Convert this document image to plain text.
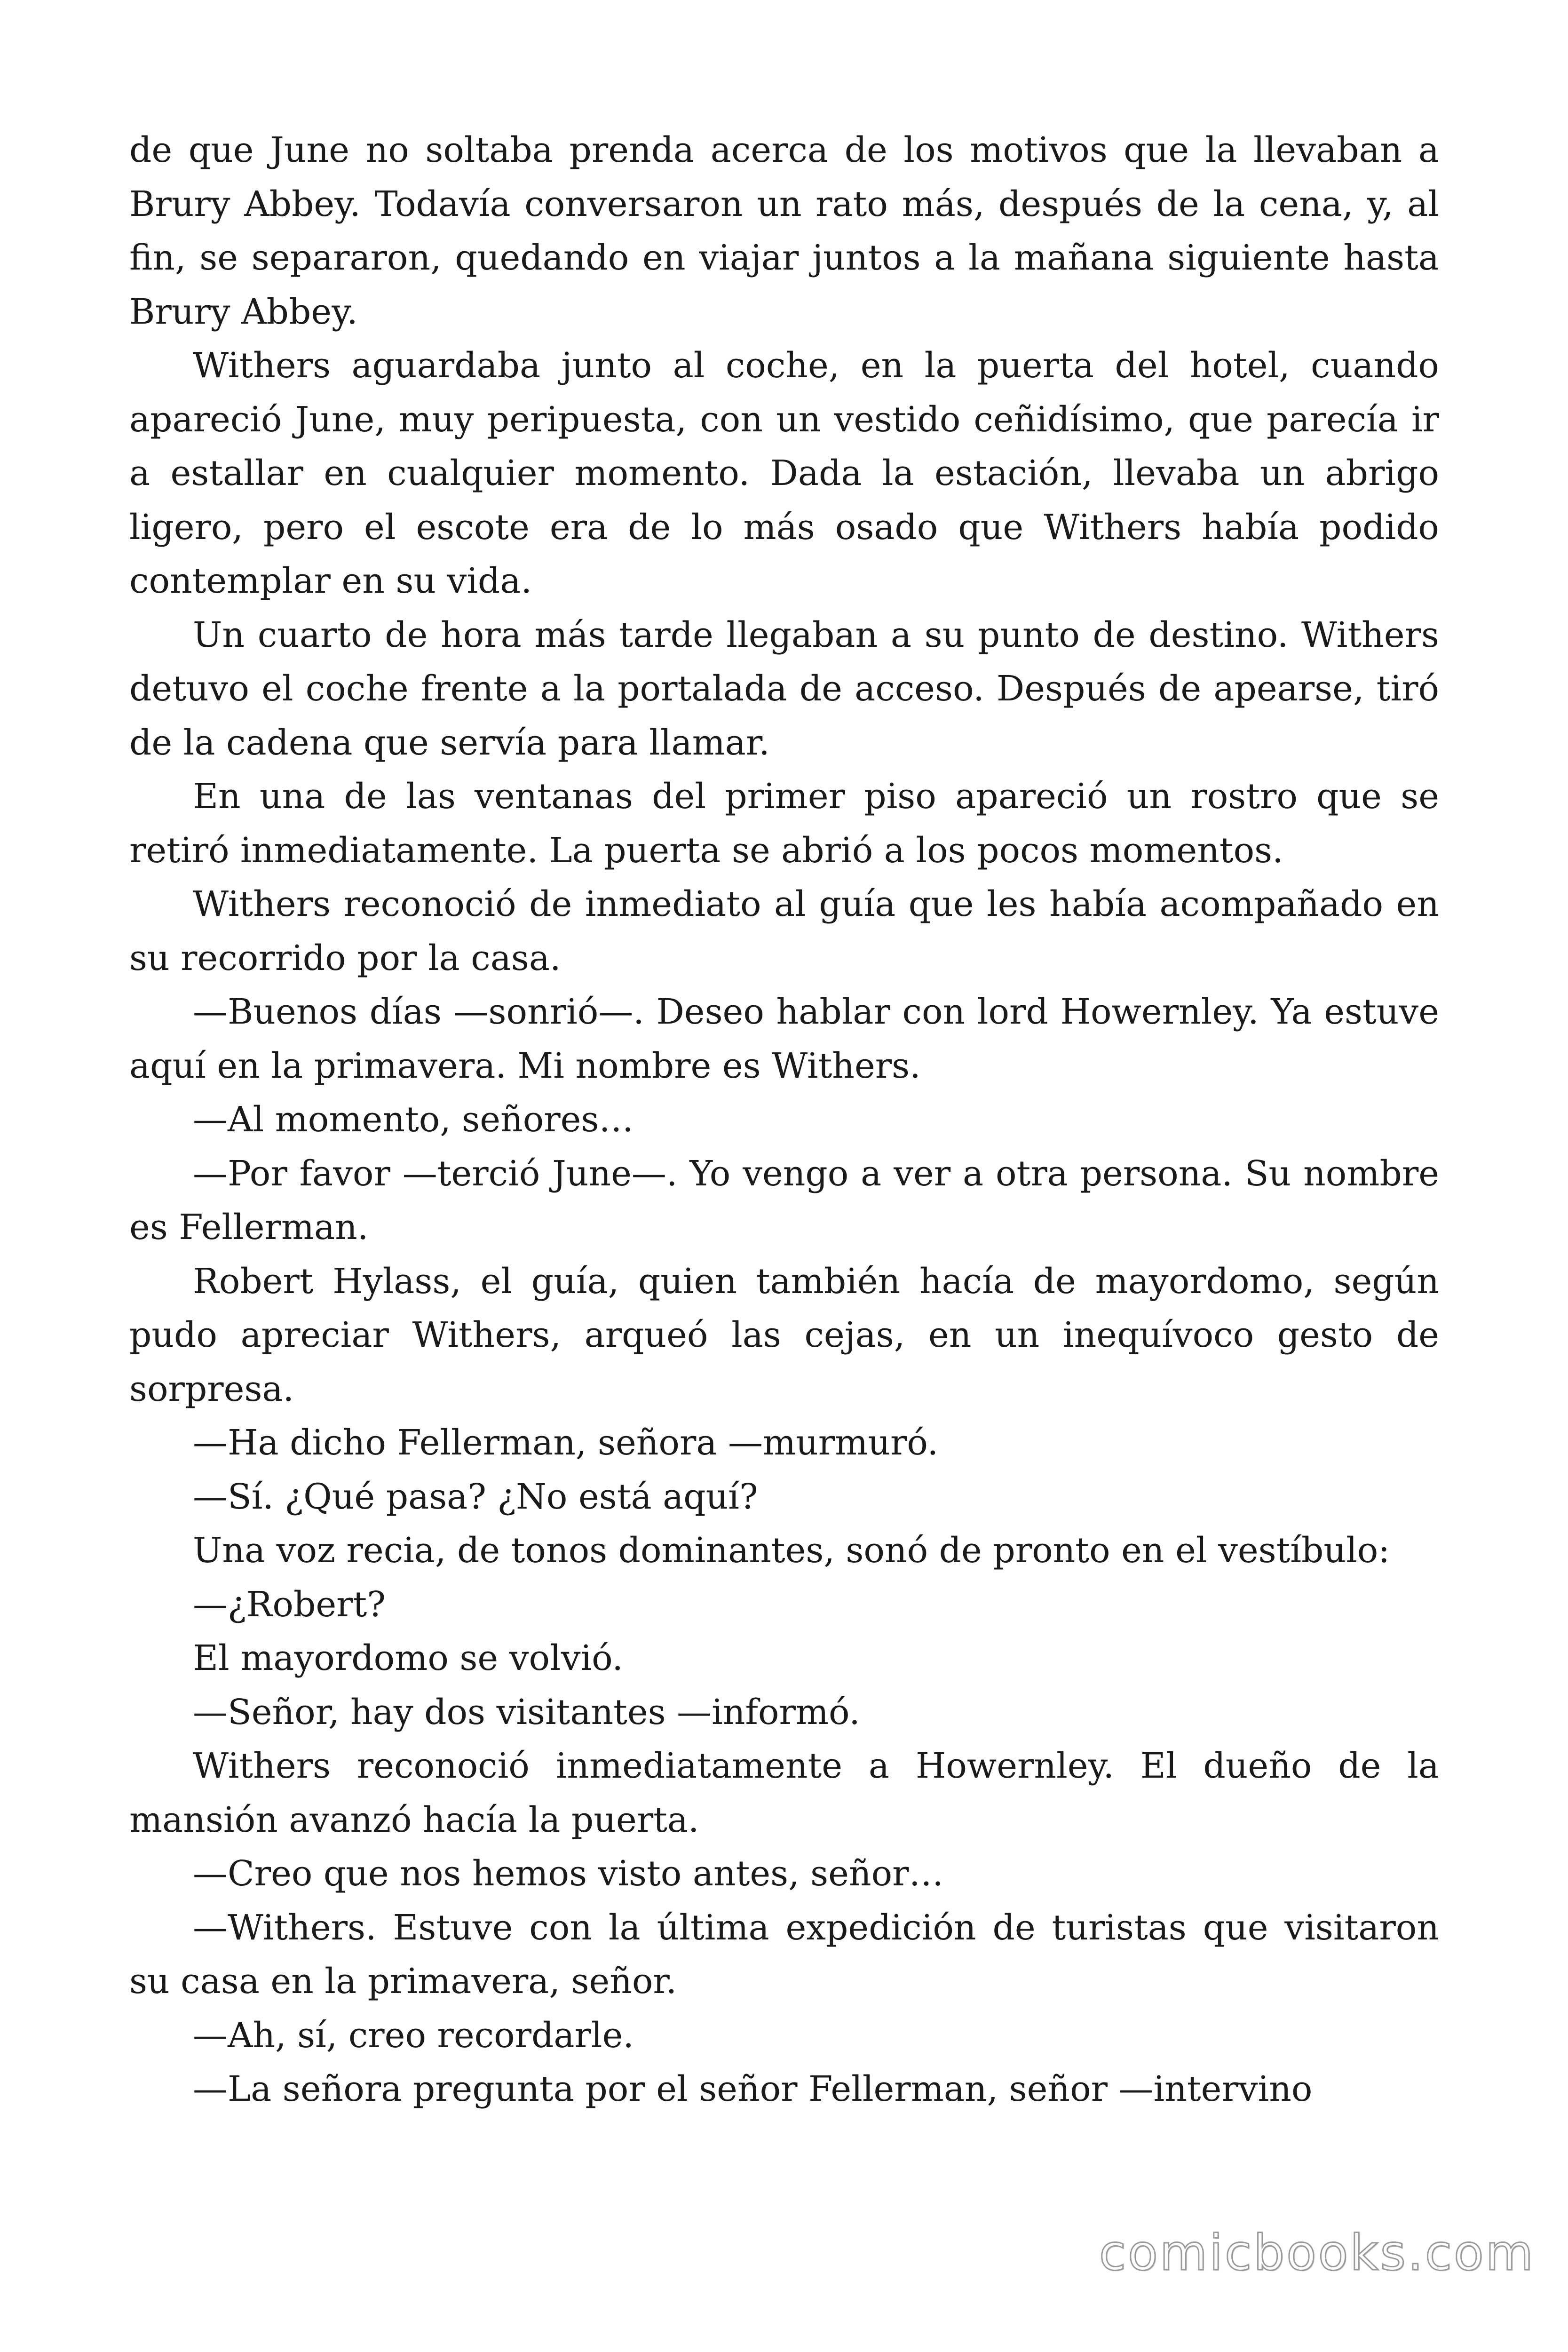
de que June no soltaba prenda acerca de los motivos que la llevaban a Brury Abbey. Todavía conversaron un rato más, después de la cena, y, al fin, se separaron, quedando en viajar juntos a la mañana siguiente hasta Brury Abbey.

Withers aguardaba junto al coche, en la puerta del hotel, cuando apareció June, muy peripuesta, con un vestido ceñidísimo, que parecía ir a estallar en cualquier momento. Dada la estación, llevaba un abrigo ligero, pero el escote era de lo más osado que Withers había podido contemplar en su vida.

Un cuarto de hora más tarde llegaban a su punto de destino. Withers detuvo el coche frente a la portalada de acceso. Después de apearse, tiró de la cadena que servía para llamar.

En una de las ventanas del primer piso apareció un rostro que se retiró inmediatamente. La puerta se abrió a los pocos momentos.

Withers reconoció de inmediato al guía que les había acompañado en su recorrido por la casa.

—Buenos días —sonrió—. Deseo hablar con lord Howernley. Ya estuve aquí en la primavera. Mi nombre es Withers.

—Al momento, señores…

—Por favor —terció June—. Yo vengo a ver a otra persona. Su nombre es Fellerman.

Robert Hylass, el guía, quien también hacía de mayordomo, según pudo apreciar Withers, arqueó las cejas, en un inequívoco gesto de sorpresa.

—Ha dicho Fellerman, señora —murmuró.

—Sí. ¿Qué pasa? ¿No está aquí?

Una voz recia, de tonos dominantes, sonó de pronto en el vestíbulo:

—¿Robert?

El mayordomo se volvió.

—Señor, hay dos visitantes —informó.

Withers reconoció inmediatamente a Howernley. El dueño de la mansión avanzó hacía la puerta.

—Creo que nos hemos visto antes, señor…

—Withers. Estuve con la última expedición de turistas que visitaron su casa en la primavera, señor.

—Ah, sí, creo recordarle.

—La señora pregunta por el señor Fellerman, señor —intervino

comicbooks.com
